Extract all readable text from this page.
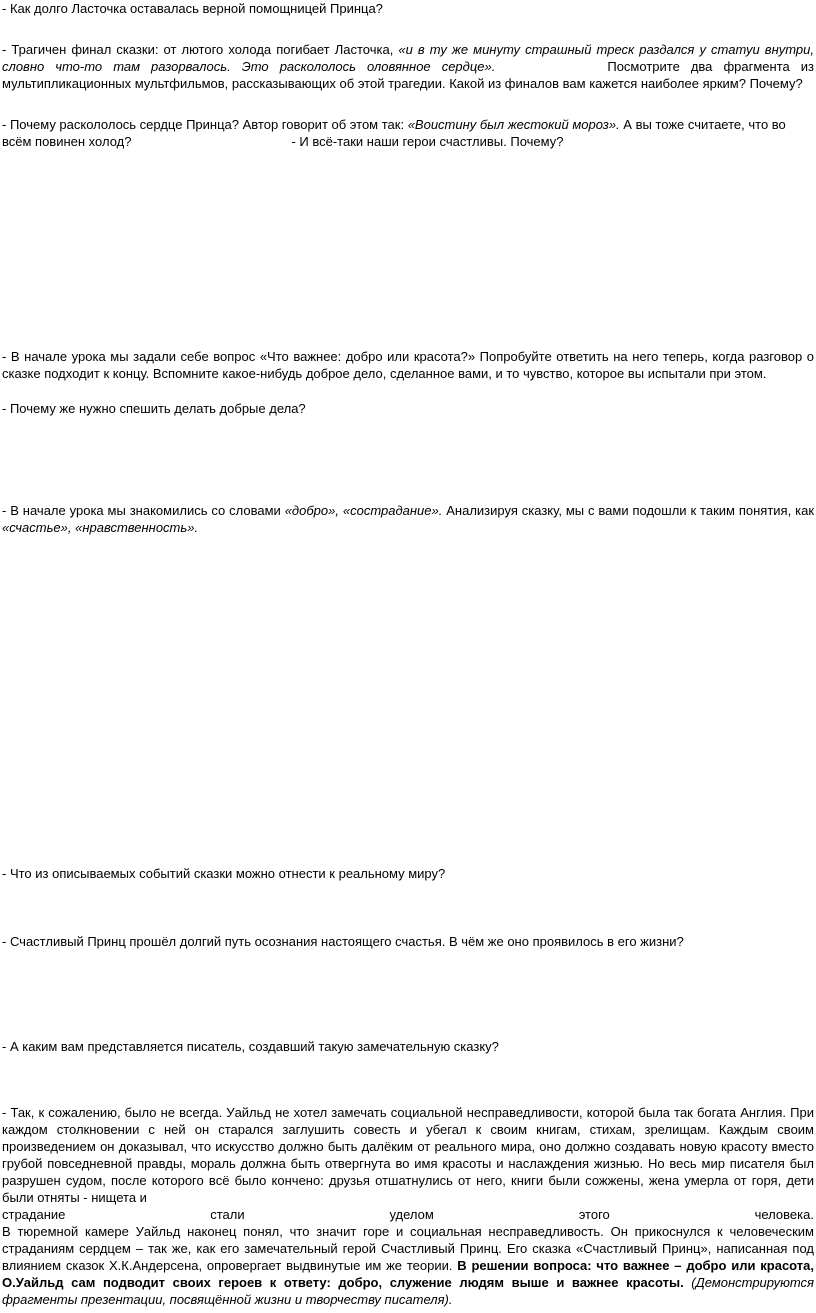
- Как долго Ласточка оставалась верной помощницей Принца?

- Трагичен финал сказки: от лютого холода погибает Ласточка, «и в ту же минуту страшный треск раздался у статуи внутри, словно что-то там разорвалось. Это раскололось оловянное сердце».	Посмотрите два фрагмента из мультипликационных мультфильмов, рассказывающих об этой трагедии. Какой из финалов вам кажется наиболее ярким? Почему?

- Почему раскололось сердце Принца? Автор говорит об этом так: «Воистину был жестокий мороз». А вы тоже считаете, что во всём повинен холод?	- И всё-таки наши герои счастливы. Почему?

- В начале урока мы задали себе вопрос «Что важнее: добро или красота?» Попробуйте ответить на него теперь, когда разговор о сказке подходит к концу. Вспомните какое-нибудь доброе дело, сделанное вами, и то чувство, которое вы испытали при этом.

- Почему же нужно спешить делать добрые дела?

- В начале урока мы знакомились со словами «добро», «сострадание». Анализируя сказку, мы с вами подошли к таким понятия, как «счастье», «нравственность».

- Что из описываемых событий сказки можно отнести к реальному миру?

- Счастливый Принц прошёл долгий путь осознания настоящего счастья. В чём же оно проявилось в его жизни?

- А каким вам представляется писатель, создавший такую замечательную сказку?

- Так, к сожалению, было не всегда. Уайльд не хотел замечать социальной несправедливости, которой была так богата Англия. При каждом столкновении с ней он старался заглушить совесть и убегал к своим книгам, стихам, зрелищам. Каждым своим произведением он доказывал, что искусство должно быть далёким от реального мира, оно должно создавать новую красоту вместо грубой повседневной правды, мораль должна быть отвергнута во имя красоты и наслаждения жизнью. Но весь мир писателя был разрушен судом, после которого всё было кончено: друзья отшатнулись от него, книги были сожжены, жена умерла от горя, дети были отняты - нищета и
страдание	стали	уделом	этого	человека.
В тюремной камере Уайльд наконец понял, что значит горе и социальная несправедливость. Он прикоснулся к человеческим страданиям сердцем – так же, как его замечательный герой Счастливый Принц. Его сказка «Счастливый Принц», написанная под влиянием сказок Х.К.Андерсена, опровергает выдвинутые им же теории. В решении вопроса: что важнее – добро или красота, О.Уайльд сам подводит своих героев к ответу: добро, служение людям выше и важнее красоты. (Демонстрируются фрагменты презентации, посвящённой жизни и творчеству писателя).
